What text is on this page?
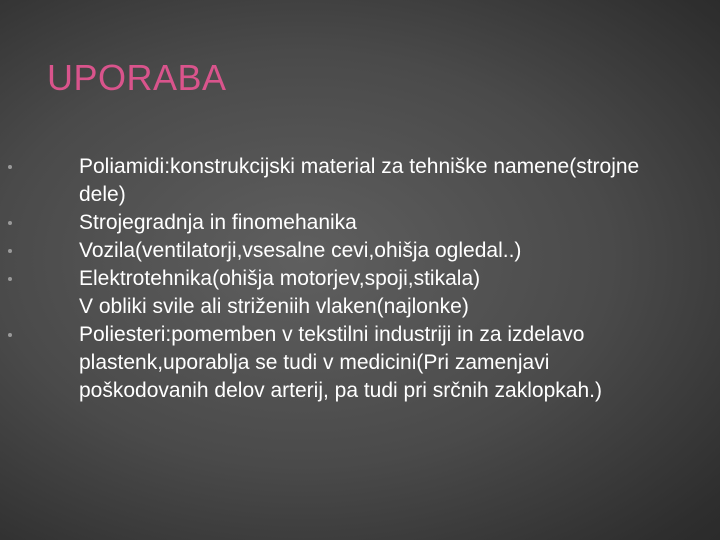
UPORABA
Poliamidi:konstrukcijski material za tehniške namene(strojne dele)
Strojegradnja in finomehanika
Vozila(ventilatorji,vsesalne cevi,ohišja ogledal..)
Elektrotehnika(ohišja motorjev,spoji,stikala)
V obliki svile ali striženiih vlaken(najlonke)
Poliesteri:pomemben v tekstilni industriji in za izdelavo plastenk,uporablja se tudi v medicini(Pri zamenjavi poškodovanih delov arterij, pa tudi pri srčnih zaklopkah.)
